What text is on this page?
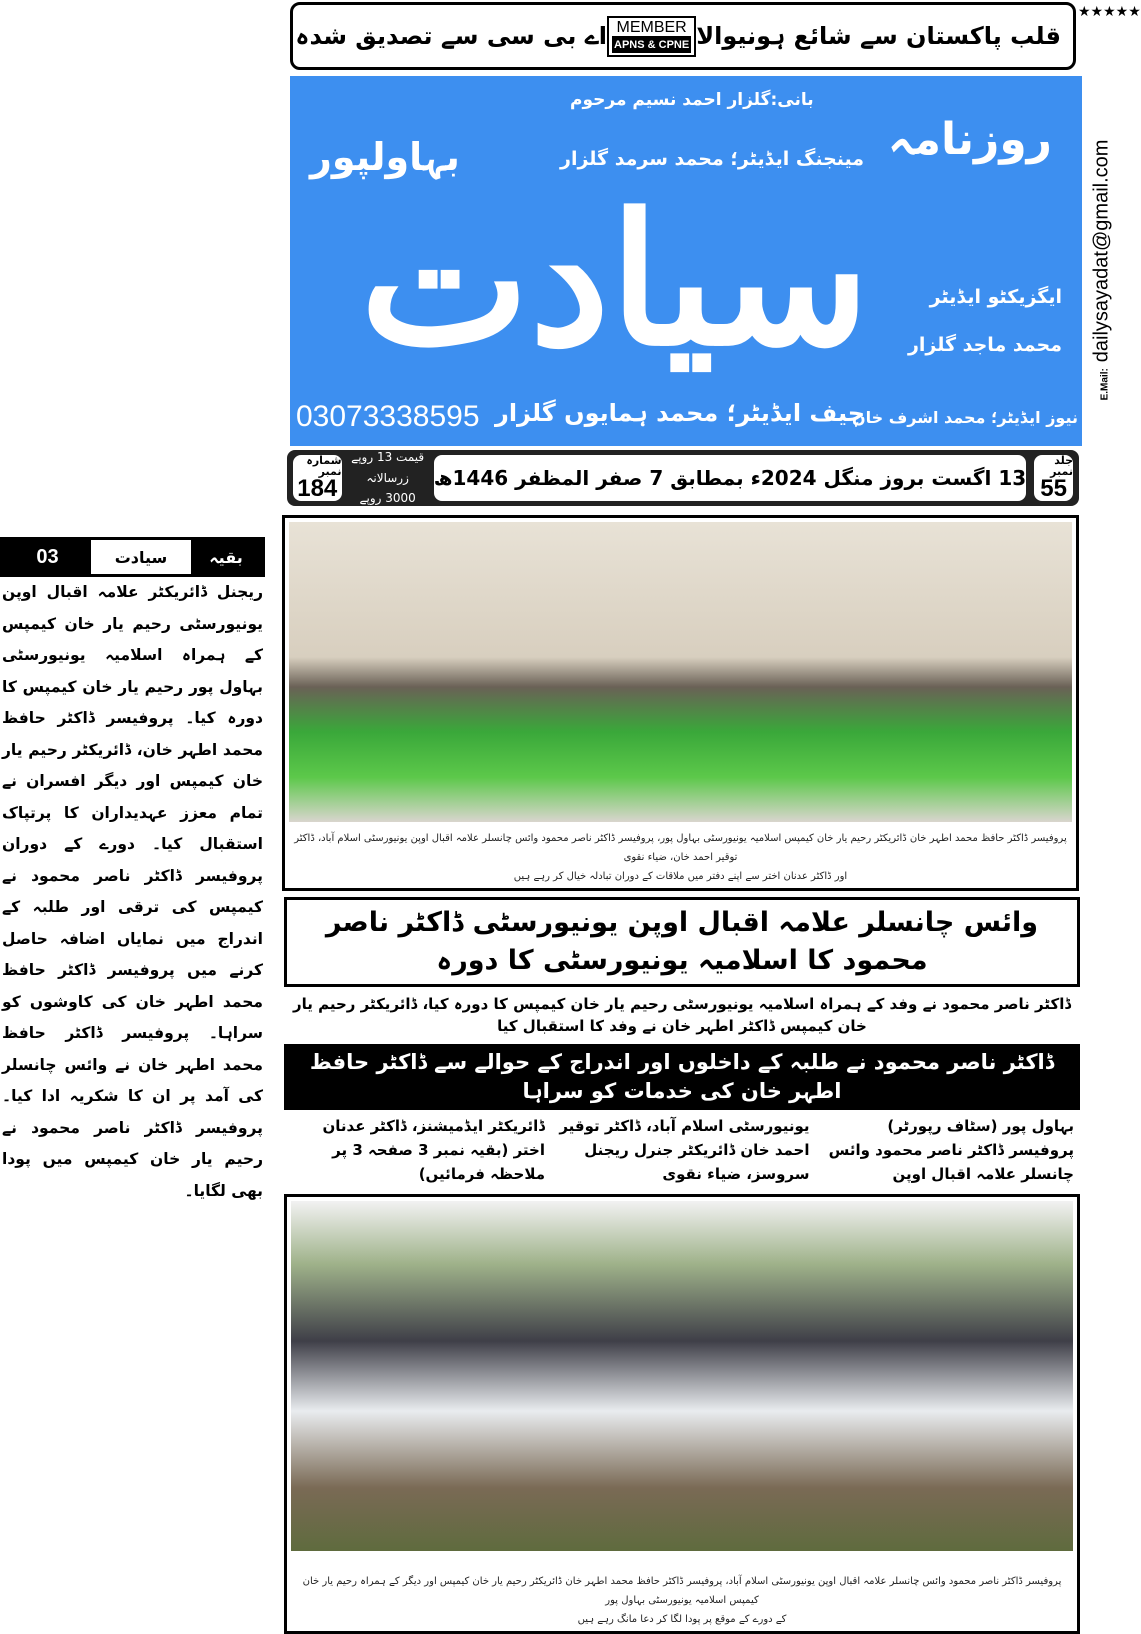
قلب پاکستان سے شائع ہونیوالا
MEMBER
APNS & CPNE
اے بی سی سے تصدیق شدہ
★★★★★
E.Mail:dailysayadat@gmail.com
روزنامہ
بہاولپور
بانی:گلزار احمد نسیم مرحوم
مینجنگ ایڈیٹر؛ محمد سرمد گلزار
سیادت	ایگزیکٹو ایڈیٹر
محمد ماجد گلزار
چیف ایڈیٹر؛ محمد ہمایوں گلزار
نیوز ایڈیٹر؛ محمد اشرف خان
03073338595
جلد نمبر
55
13 اگست بروز منگل 2024ء بمطابق 7 صفر المظفر 1446ھ
قیمت 13 روپے
زرسالانہ 3000 روپے
شمارہ نمبر
184
بقیہ
سیادت
03
ریجنل ڈائریکٹر علامہ اقبال اوپن یونیورسٹی رحیم یار خان کیمپس کے ہمراہ اسلامیہ یونیورسٹی بہاول پور رحیم یار خان کیمپس کا دورہ کیا۔ پروفیسر ڈاکٹر حافظ محمد اطہر خان، ڈائریکٹر رحیم یار خان کیمپس اور دیگر افسران نے تمام معزز عہدیداران کا پرتپاک استقبال کیا۔ دورے کے دوران پروفیسر ڈاکٹر ناصر محمود نے کیمپس کی ترقی اور طلبہ کے اندراج میں نمایاں اضافہ حاصل کرنے میں پروفیسر ڈاکٹر حافظ محمد اطہر خان کی کاوشوں کو سراہا۔ پروفیسر ڈاکٹر حافظ محمد اطہر خان نے وائس چانسلر کی آمد پر ان کا شکریہ ادا کیا۔ پروفیسر ڈاکٹر ناصر محمود نے رحیم یار خان کیمپس میں پودا بھی لگایا۔
پروفیسر ڈاکٹر حافظ محمد اطہر خان ڈائریکٹر رحیم یار خان کیمپس اسلامیہ یونیورسٹی بہاول پور، پروفیسر ڈاکٹر ناصر محمود وائس چانسلر علامہ اقبال اوپن یونیورسٹی اسلام آباد، ڈاکٹر توقیر احمد خان، ضیاء نقوی
اور ڈاکٹر عدنان اختر سے اپنے دفتر میں ملاقات کے دوران تبادلہ خیال کر رہے ہیں
وائس چانسلر علامہ اقبال اوپن یونیورسٹی ڈاکٹر ناصر محمود کا اسلامیہ یونیورسٹی کا دورہ
ڈاکٹر ناصر محمود نے وفد کے ہمراہ اسلامیہ یونیورسٹی رحیم یار خان کیمپس کا دورہ کیا، ڈائریکٹر رحیم یار خان کیمپس ڈاکٹر اطہر خان نے وفد کا استقبال کیا
ڈاکٹر ناصر محمود نے طلبہ کے داخلوں اور اندراج کے حوالے سے ڈاکٹر حافظ اطہر خان کی خدمات کو سراہا
بہاول پور (سٹاف رپورٹر) پروفیسر ڈاکٹر ناصر محمود وائس چانسلر علامہ اقبال اوپن
یونیورسٹی اسلام آباد، ڈاکٹر توقیر احمد خان ڈائریکٹر جنرل ریجنل سروسز، ضیاء نقوی
ڈائریکٹر ایڈمیشنز، ڈاکٹر عدنان اختر (بقیہ نمبر 3 صفحہ 3 پر ملاحظہ فرمائیں)
پروفیسر ڈاکٹر ناصر محمود وائس چانسلر علامہ اقبال اوپن یونیورسٹی اسلام آباد، پروفیسر ڈاکٹر حافظ محمد اطہر خان ڈائریکٹر رحیم یار خان کیمپس اور دیگر کے ہمراہ رحیم یار خان کیمپس اسلامیہ یونیورسٹی بہاول پور
کے دورے کے موقع پر پودا لگا کر دعا مانگ رہے ہیں
